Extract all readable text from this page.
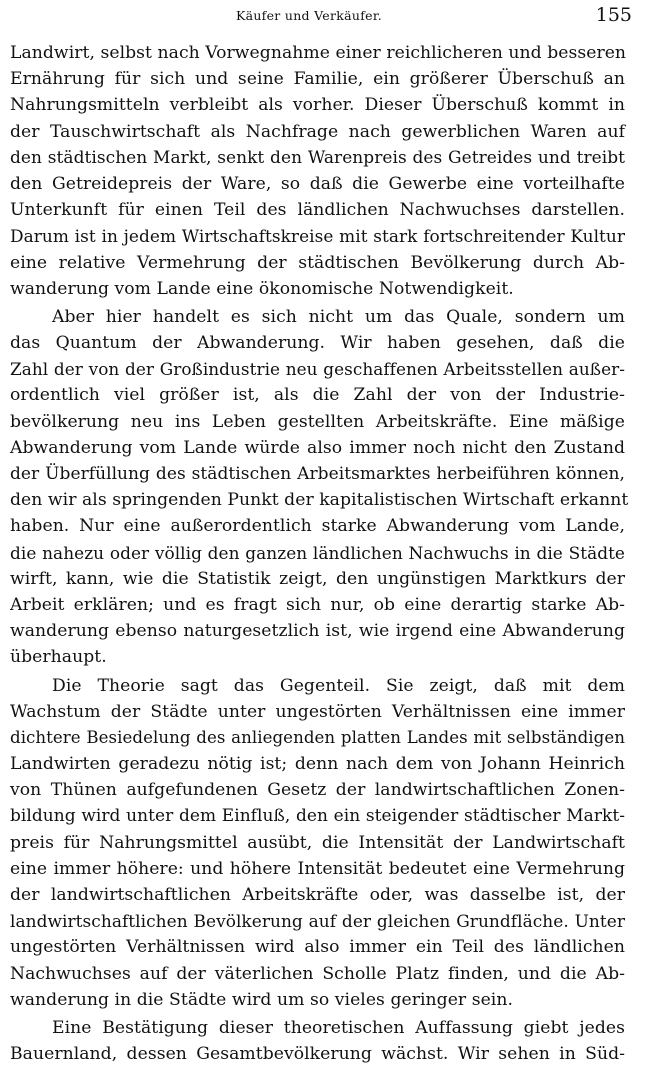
Käufer und Verkäufer.	155
Landwirt, selbst nach Vorwegnahme einer reichlicheren und besseren
Ernährung für sich und seine Familie, ein größerer Überschuß an
Nahrungsmitteln verbleibt als vorher. Dieser Überschuß kommt in
der Tauschwirtschaft als Nachfrage nach gewerblichen Waren auf
den städtischen Markt, senkt den Warenpreis des Getreides und treibt
den Getreidepreis der Ware, so daß die Gewerbe eine vorteilhafte
Unterkunft für einen Teil des ländlichen Nachwuchses darstellen.
Darum ist in jedem Wirtschaftskreise mit stark fortschreitender Kultur
eine relative Vermehrung der städtischen Bevölkerung durch Ab-
wanderung vom Lande eine ökonomische Notwendigkeit.
Aber hier handelt es sich nicht um das Quale, sondern um
das Quantum der Abwanderung. Wir haben gesehen, daß die
Zahl der von der Großindustrie neu geschaffenen Arbeitsstellen außer-
ordentlich viel größer ist, als die Zahl der von der Industrie-
bevölkerung neu ins Leben gestellten Arbeitskräfte. Eine mäßige
Abwanderung vom Lande würde also immer noch nicht den Zustand
der Überfüllung des städtischen Arbeitsmarktes herbeiführen können,
den wir als springenden Punkt der kapitalistischen Wirtschaft erkannt
haben. Nur eine außerordentlich starke Abwanderung vom Lande,
die nahezu oder völlig den ganzen ländlichen Nachwuchs in die Städte
wirft, kann, wie die Statistik zeigt, den ungünstigen Marktkurs der
Arbeit erklären; und es fragt sich nur, ob eine derartig starke Ab-
wanderung ebenso naturgesetzlich ist, wie irgend eine Abwanderung
überhaupt.
Die Theorie sagt das Gegenteil. Sie zeigt, daß mit dem
Wachstum der Städte unter ungestörten Verhältnissen eine immer
dichtere Besiedelung des anliegenden platten Landes mit selbständigen
Landwirten geradezu nötig ist; denn nach dem von Johann Heinrich
von Thünen aufgefundenen Gesetz der landwirtschaftlichen Zonen-
bildung wird unter dem Einfluß, den ein steigender städtischer Markt-
preis für Nahrungsmittel ausübt, die Intensität der Landwirtschaft
eine immer höhere: und höhere Intensität bedeutet eine Vermehrung
der landwirtschaftlichen Arbeitskräfte oder, was dasselbe ist, der
landwirtschaftlichen Bevölkerung auf der gleichen Grundfläche. Unter
ungestörten Verhältnissen wird also immer ein Teil des ländlichen
Nachwuchses auf der väterlichen Scholle Platz finden, und die Ab-
wanderung in die Städte wird um so vieles geringer sein.
Eine Bestätigung dieser theoretischen Auffassung giebt jedes
Bauernland, dessen Gesamtbevölkerung wächst. Wir sehen in Süd-
